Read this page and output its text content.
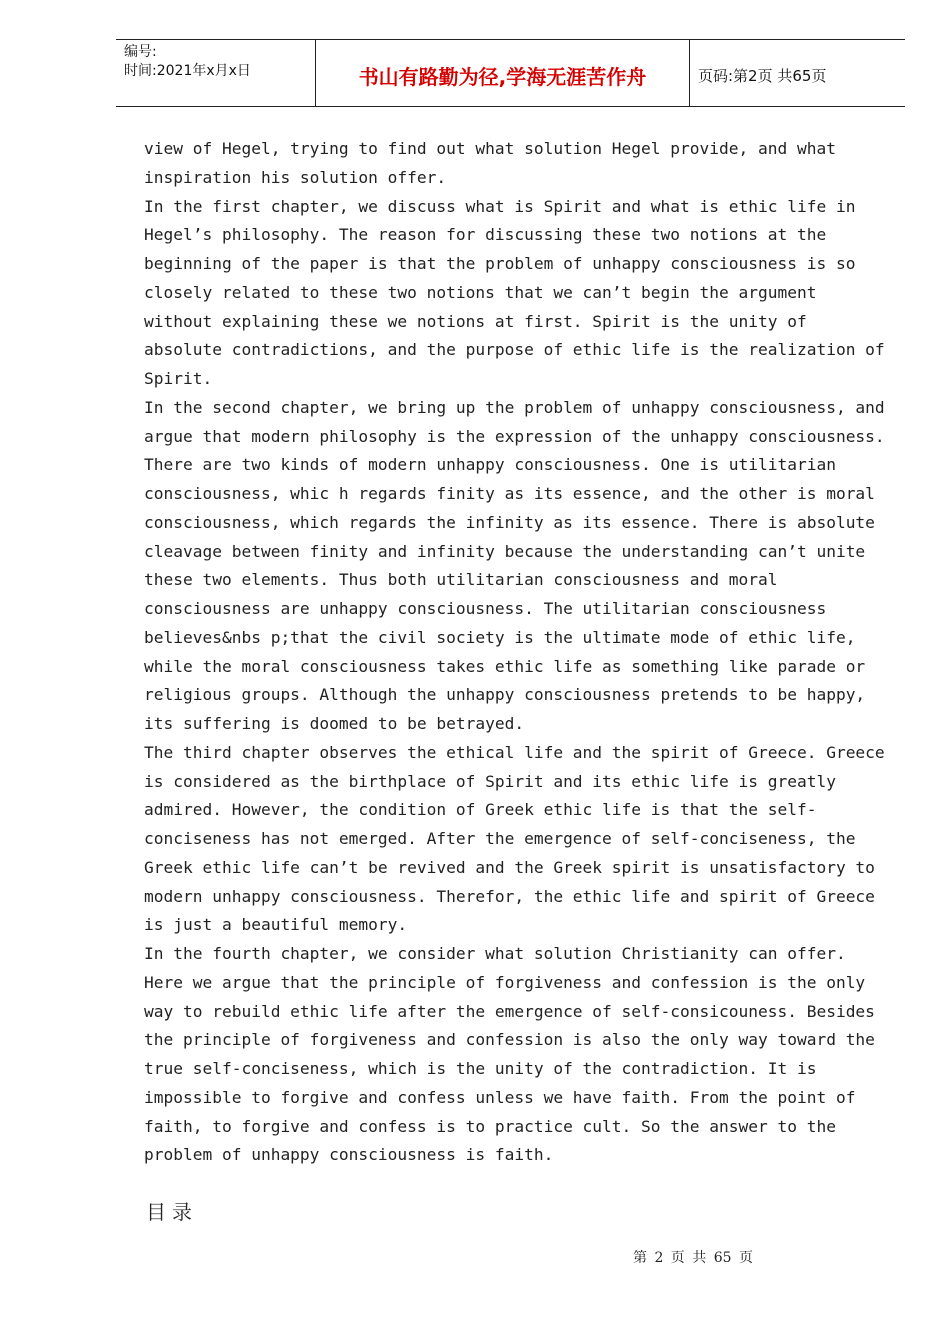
编号:
时间:2021年x月x日	书山有路勤为径,学海无涯苦作舟	页码:第2页 共65页

view of Hegel, trying to find out what solution Hegel provide, and what

inspiration his solution offer.

In the first chapter, we discuss what is Spirit and what is ethic life in

Hegel’s philosophy. The reason for discussing these two notions at the

beginning of the paper is that the problem of unhappy consciousness is so

closely related to these two notions that we can’t begin the argument

without explaining these we notions at first. Spirit is the unity of

absolute contradictions, and the purpose of ethic life is the realization of

Spirit.

In the second chapter, we bring up the problem of unhappy consciousness, and

argue that modern philosophy is the expression of the unhappy consciousness.

There are two kinds of modern unhappy consciousness. One is utilitarian

consciousness, whic h regards finity as its essence, and the other is moral

consciousness, which regards the infinity as its essence. There is absolute

cleavage between finity and infinity because the understanding can’t unite

these two elements. Thus both utilitarian consciousness and moral

consciousness are unhappy consciousness. The utilitarian consciousness

believes&nbs p;that the civil society is the ultimate mode of ethic life,

while the moral consciousness takes ethic life as something like parade or

religious groups. Although the unhappy consciousness pretends to be happy,

its suffering is doomed to be betrayed.

The third chapter observes the ethical life and the spirit of Greece. Greece

is considered as the birthplace of Spirit and its ethic life is greatly

admired. However, the condition of Greek ethic life is that the self-

conciseness has not emerged. After the emergence of self-conciseness, the

Greek ethic life can’t be revived and the Greek spirit is unsatisfactory to

modern unhappy consciousness. Therefor, the ethic life and spirit of Greece

is just a beautiful memory.

In the fourth chapter, we consider what solution Christianity can offer.

Here we argue that the principle of forgiveness and confession is the only

way to rebuild ethic life after the emergence of self-consicouness. Besides

the principle of forgiveness and confession is also the only way toward the

true self-conciseness, which is the unity of the contradiction. It is

impossible to forgive and confess unless we have faith. From the point of

faith, to forgive and confess is to practice cult. So the answer to the

problem of unhappy consciousness is faith.

目录
第 2 页 共 65 页
